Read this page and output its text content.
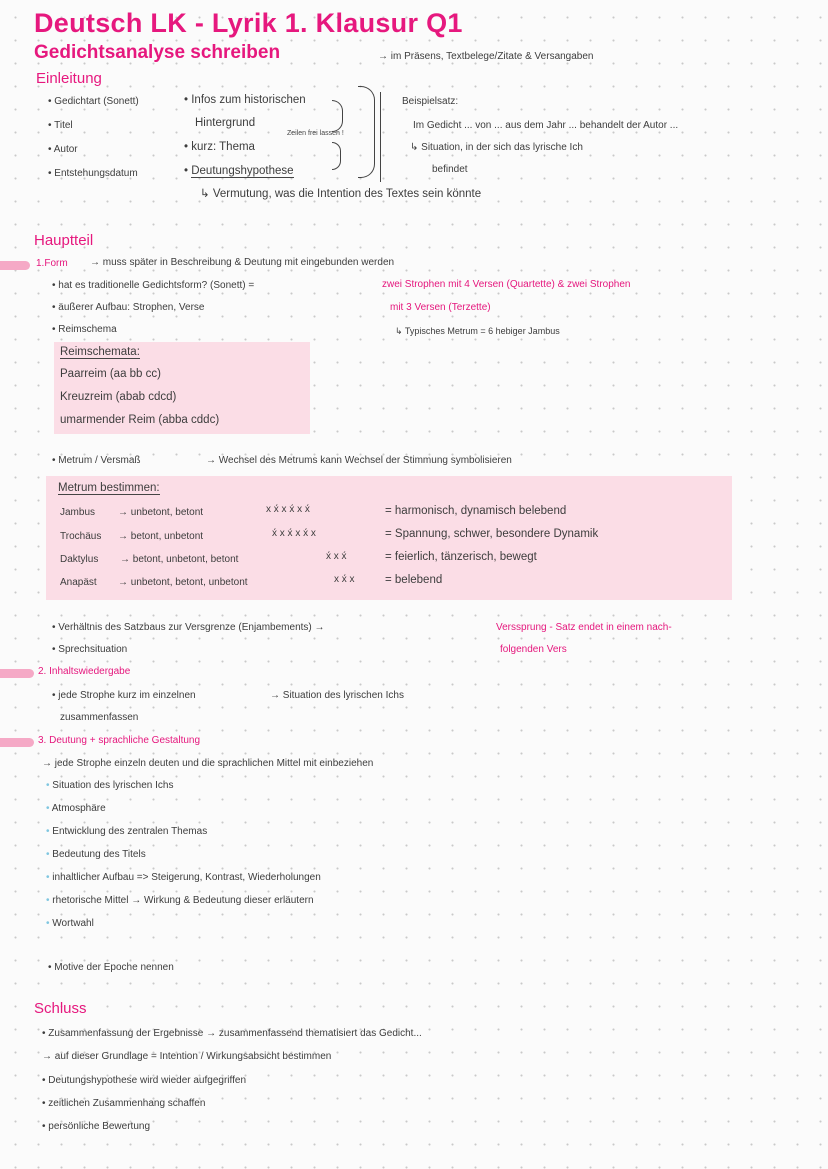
Deutsch LK - Lyrik 1. Klausur Q1
Gedichtsanalyse schreiben	→ im Präsens, Textbelege/Zitate & Versangaben
Einleitung
• Gedichtart (Sonett)
• Titel
• Autor
• Entstehungsdatum
• Infos zum historischen
Hintergrund
• kurz: Thema
• Deutungshypothese
Zeilen frei lassen !
Beispielsatz:
Im Gedicht ... von ... aus dem Jahr ... behandelt der Autor ...
↳ Situation, in der sich das lyrische Ich
befindet
↳ Vermutung, was die Intention des Textes sein könnte
Hauptteil
1.Form → muss später in Beschreibung & Deutung mit eingebunden werden
• hat es traditionelle Gedichtsform? (Sonett) =	zwei Strophen mit 4 Versen (Quartette) & zwei Strophen
• äußerer Aufbau: Strophen, Verse	mit 3 Versen (Terzette)
• Reimschema	↳ Typisches Metrum = 6 hebiger Jambus
Reimschemata:
Paarreim (aa bb cc)
Kreuzreim (abab cdcd)
umarmender Reim (abba cddc)
• Metrum / Versmaß	→ Wechsel des Metrums kann Wechsel der Stimmung symbolisieren
Metrum bestimmen:
Jambus → unbetont, betont	x x́ x x́ x x́	= harmonisch, dynamisch belebend
Trochäus → betont, unbetont	x́ x x́ x x́ x	= Spannung, schwer, besondere Dynamik
Daktylus → betont, unbetont, betont	x́ x x́	= feierlich, tänzerisch, bewegt
Anapäst → unbetont, betont, unbetont	x x́ x	= belebend
• Verhältnis des Satzbaus zur Versgrenze (Enjambements) →	Verssprung - Satz endet in einem nach-
• Sprechsituation	folgenden Vers
2. Inhaltswiedergabe
• jede Strophe kurz im einzelnen
zusammenfassen
→ Situation des lyrischen Ichs
3. Deutung + sprachliche Gestaltung
→ jede Strophe einzeln deuten und die sprachlichen Mittel mit einbeziehen
• Situation des lyrischen Ichs
• Atmosphäre
• Entwicklung des zentralen Themas
• Bedeutung des Titels
• inhaltlicher Aufbau => Steigerung, Kontrast, Wiederholungen
• rhetorische Mittel → Wirkung & Bedeutung dieser erläutern
• Wortwahl
• Motive der Epoche nennen
Schluss
• Zusammenfassung der Ergebnisse → zusammenfassend thematisiert das Gedicht...
→ auf dieser Grundlage = Intention / Wirkungsabsicht bestimmen
• Deutungshypothese wird wieder aufgegriffen
• zeitlichen Zusammenhang schaffen
• persönliche Bewertung
